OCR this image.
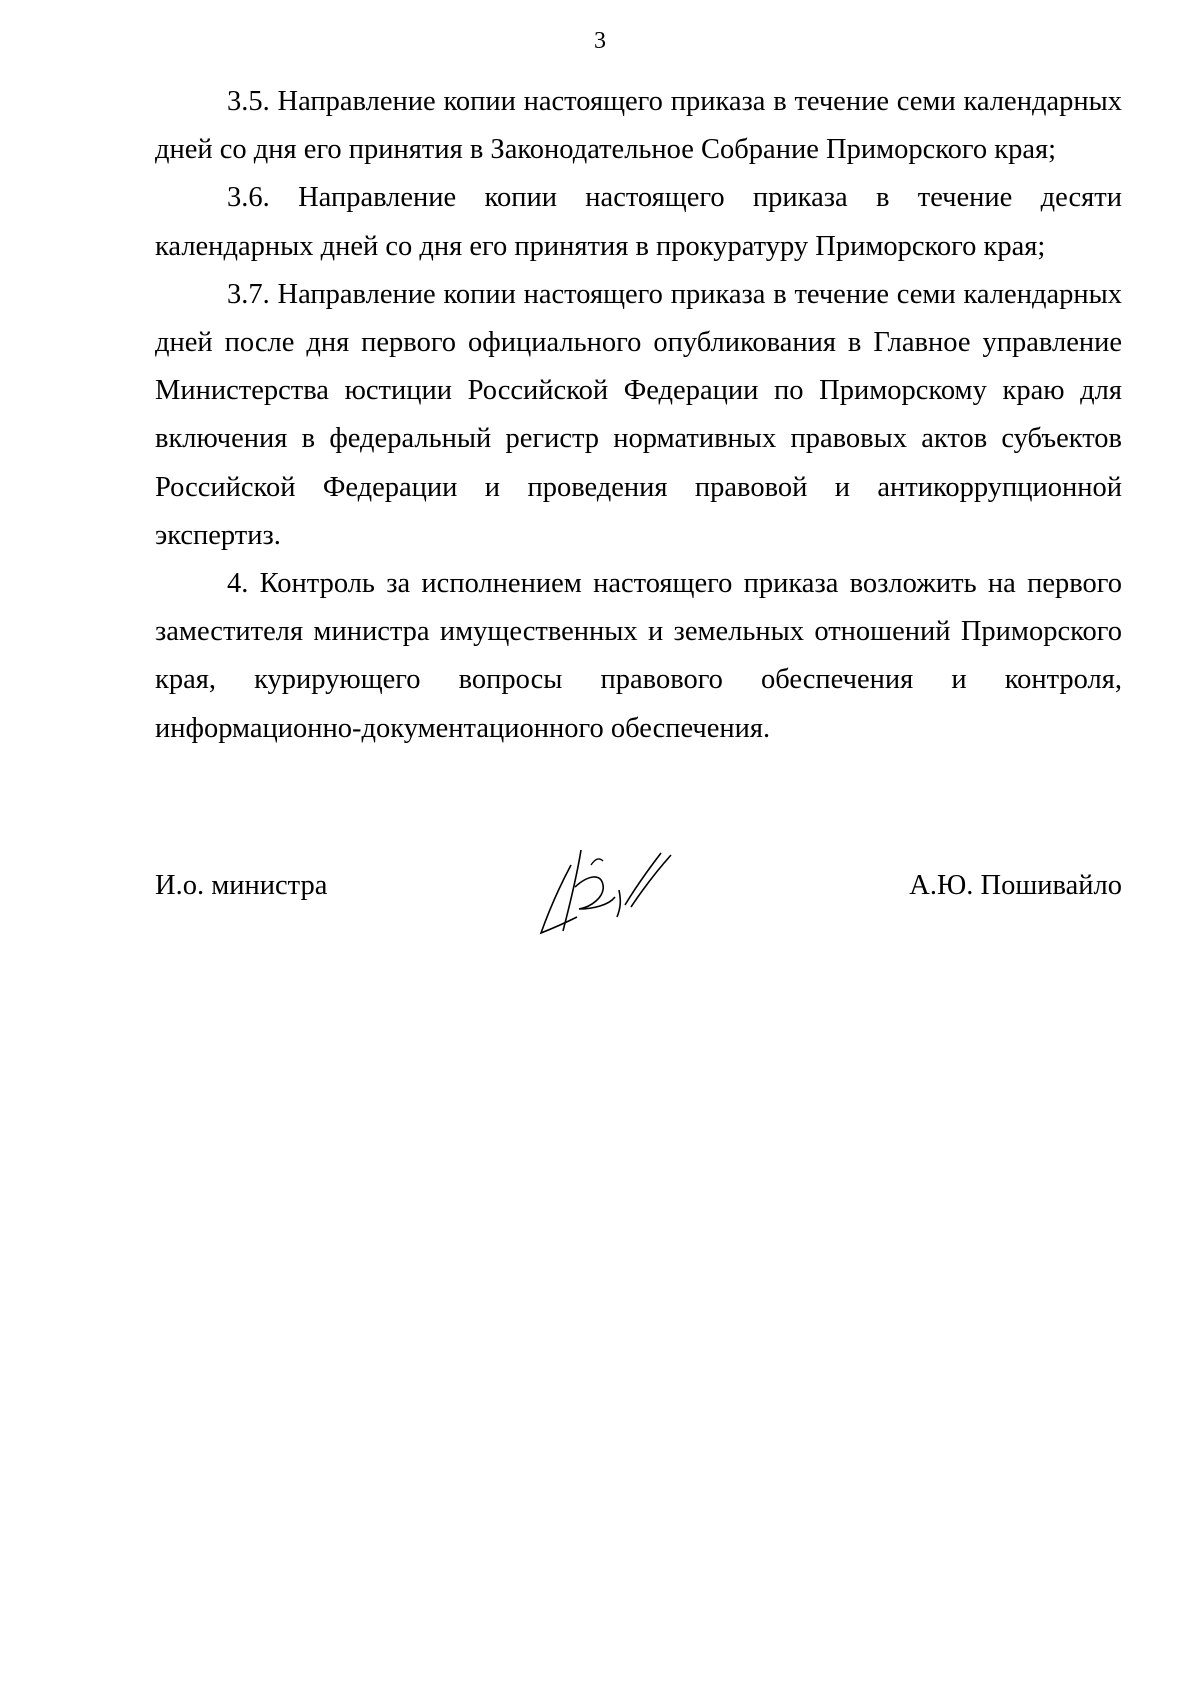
3

3.5. Направление копии настоящего приказа в течение семи календарных дней со дня его принятия в Законодательное Собрание Приморского края;

3.6. Направление копии настоящего приказа в течение десяти календарных дней со дня его принятия в прокуратуру Приморского края;

3.7. Направление копии настоящего приказа в течение семи календарных дней после дня первого официального опубликования в Главное управление Министерства юстиции Российской Федерации по Приморскому краю для включения в федеральный регистр нормативных правовых актов субъектов Российской Федерации и проведения правовой и антикоррупционной экспертиз.

4. Контроль за исполнением настоящего приказа возложить на первого заместителя министра имущественных и земельных отношений Приморского края, курирующего вопросы правового обеспечения и контроля, информационно-документационного обеспечения.

И.о. министра	А.Ю. Пошивайло
